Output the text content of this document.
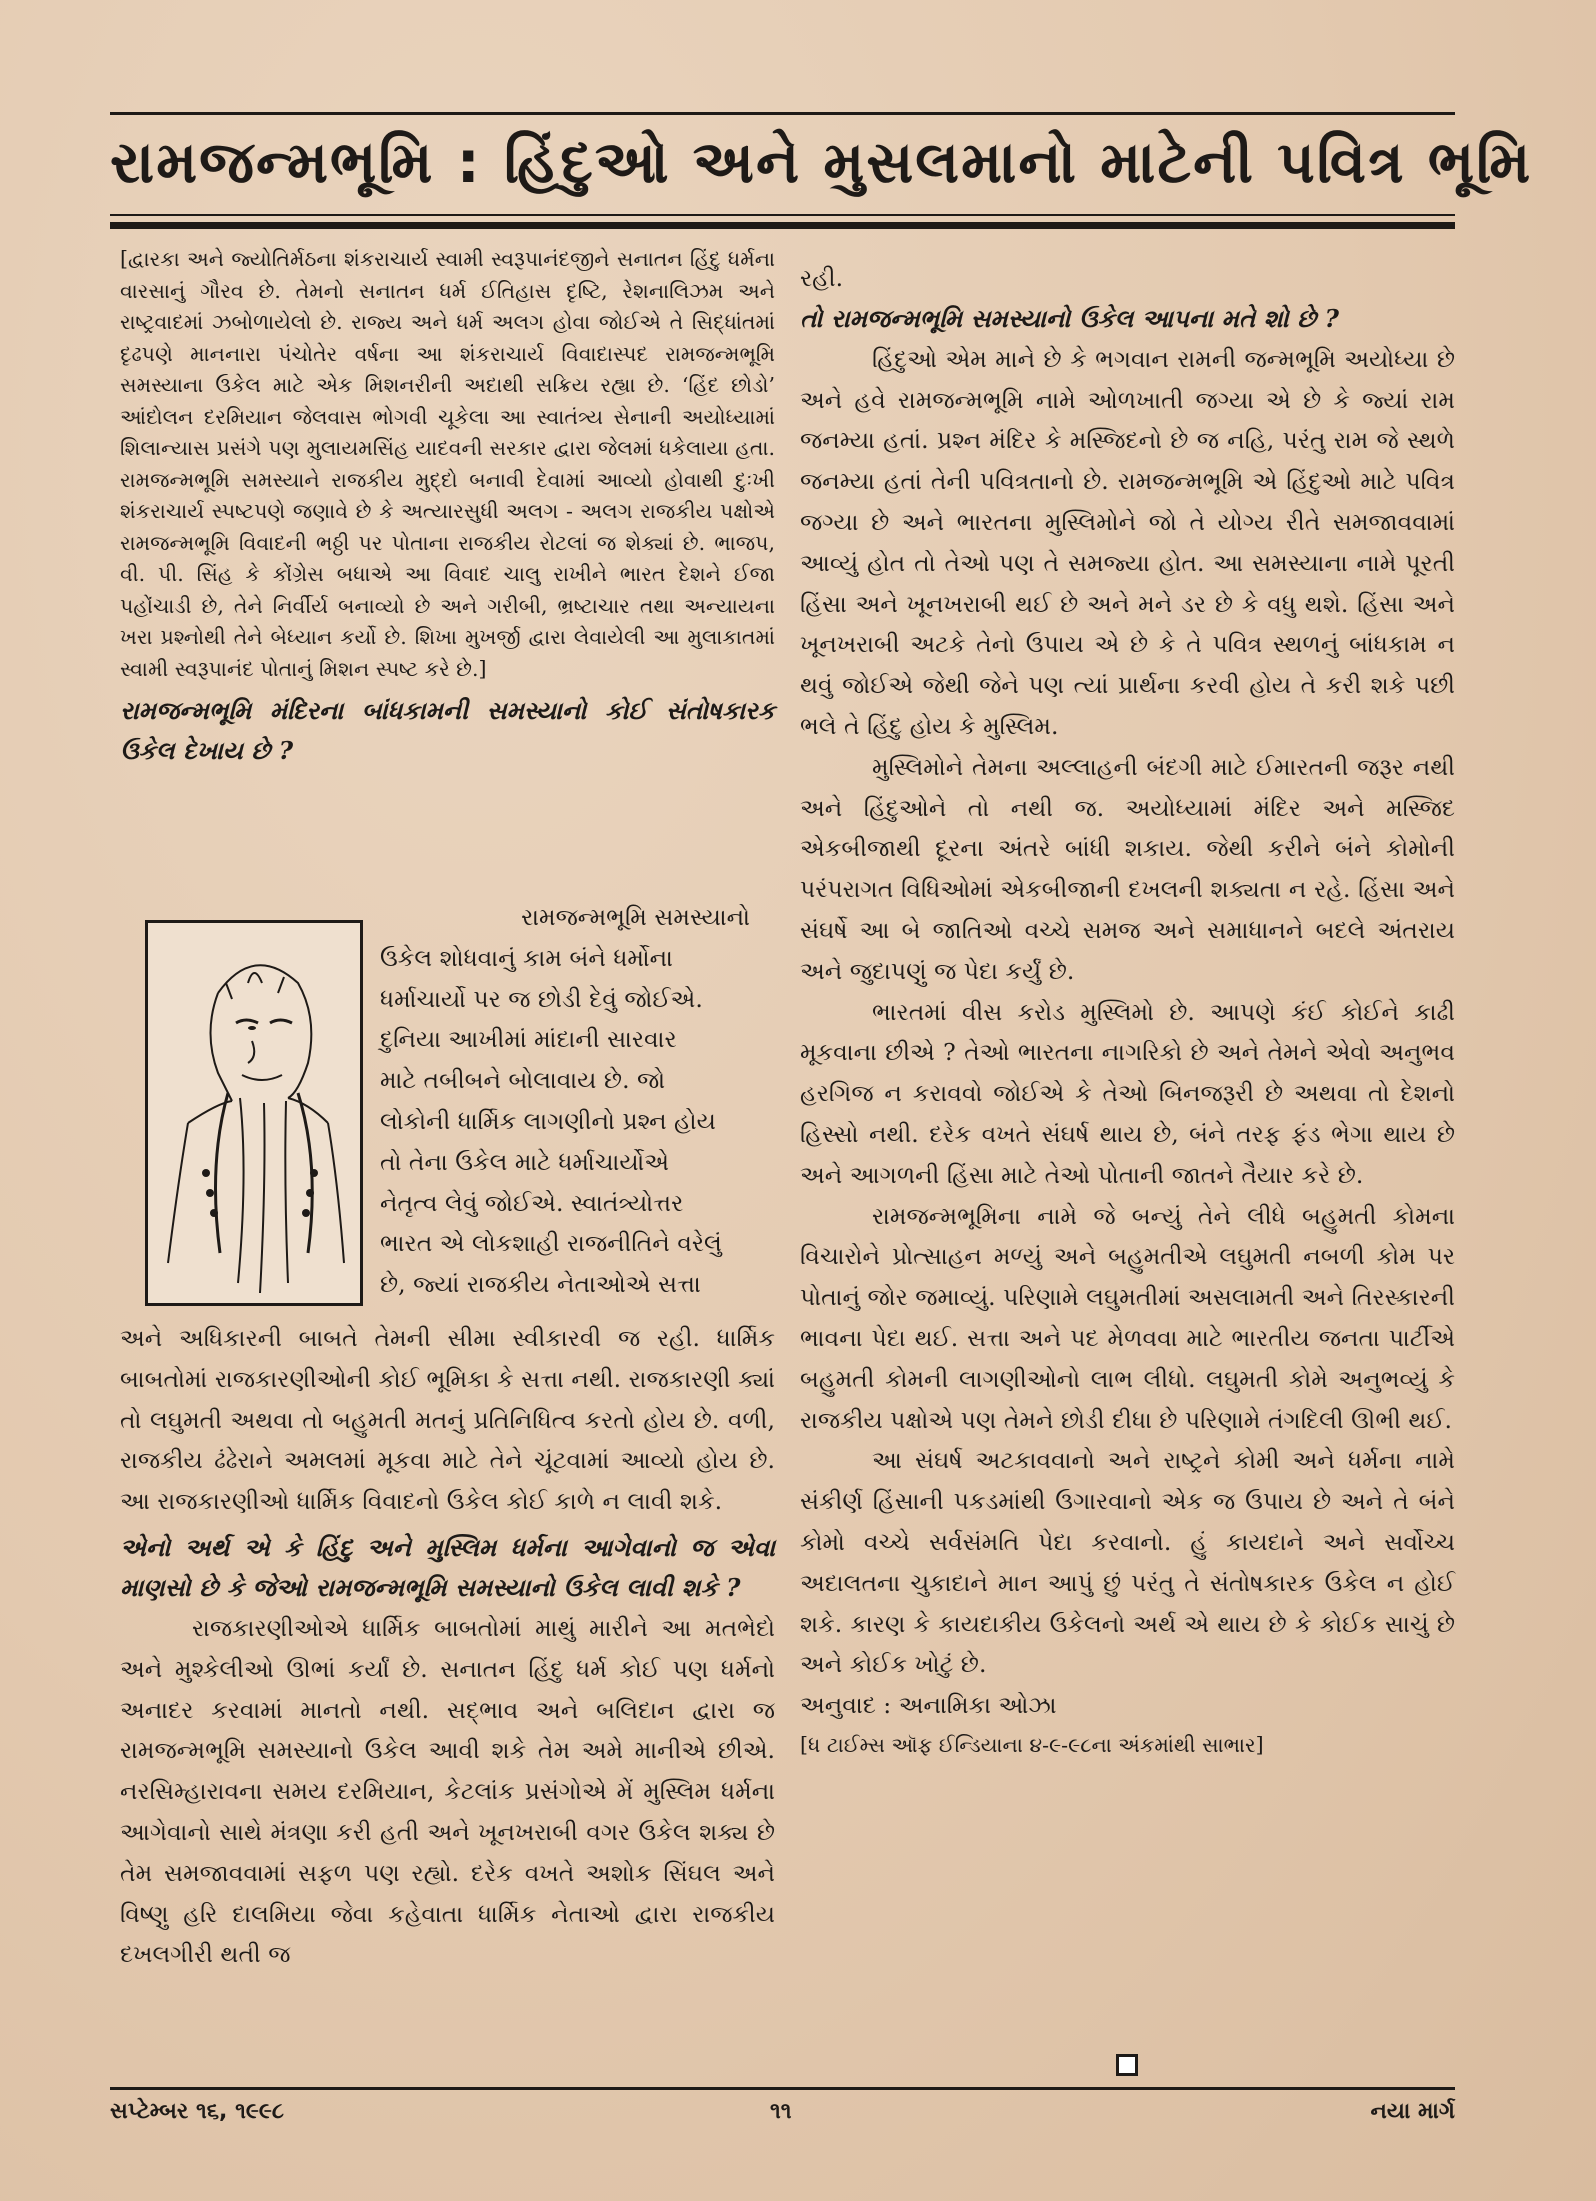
રામજન્મભૂમિ : હિંદુઓ અને મુસલમાનો માટેની પવિત્ર ભૂમિ

[દ્વારકા અને જ્યોતિર્મઠના શંકરાચાર્ય સ્વામી સ્વરૂપાનંદજીને સનાતન હિંદુ ધર્મના વારસાનું ગૌરવ છે. તેમનો સનાતન ધર્મ ઈતિહાસ દૃષ્ટિ, રેશનાલિઝમ અને રાષ્ટ્રવાદમાં ઝબોળાયેલો છે. રાજ્ય અને ધર્મ અલગ હોવા જોઈએ તે સિદ્ધાંતમાં દૃઢપણે માનનારા પંચોતેર વર્ષના આ શંકરાચાર્ય વિવાદાસ્પદ રામજન્મભૂમિ સમસ્યાના ઉકેલ માટે એક મિશનરીની અદાથી સક્રિય રહ્યા છે. ‘હિંદ છોડો’ આંદોલન દરમિયાન જેલવાસ ભોગવી ચૂકેલા આ સ્વાતંત્ર્ય સેનાની અયોધ્યામાં શિલાન્યાસ પ્રસંગે પણ મુલાયમસિંહ યાદવની સરકાર દ્વારા જેલમાં ધકેલાયા હતા. રામજન્મભૂમિ સમસ્યાને રાજકીય મુદ્દો બનાવી દેવામાં આવ્યો હોવાથી દુઃખી શંકરાચાર્ય સ્પષ્ટપણે જણાવે છે કે અત્યારસુધી અલગ - અલગ રાજકીય પક્ષોએ રામજન્મભૂમિ વિવાદની ભઠ્ઠી પર પોતાના રાજકીય રોટલાં જ શેક્યાં છે. ભાજપ, વી. પી. સિંહ કે કોંગ્રેસ બધાએ આ વિવાદ ચાલુ રાખીને ભારત દેશને ઈજા પહોંચાડી છે, તેને નિર્વીર્ય બનાવ્યો છે અને ગરીબી, ભ્રષ્ટાચાર તથા અન્યાયના ખરા પ્રશ્નોથી તેને બેધ્યાન કર્યો છે. શિખા મુખર્જી દ્વારા લેવાયેલી આ મુલાકાતમાં સ્વામી સ્વરૂપાનંદ પોતાનું મિશન સ્પષ્ટ કરે છે.]

રામજન્મભૂમિ મંદિરના બાંધકામની સમસ્યાનો કોઈ સંતોષકારક ઉકેલ દેખાય છે ?

રામજન્મભૂમિ સમસ્યાનો

ઉકેલ શોધવાનું કામ બંને ધર્મોના

ધર્માચાર્યો પર જ છોડી દેવું જોઈએ.

દુનિયા આખીમાં માંદાની સારવાર

માટે તબીબને બોલાવાય છે. જો

લોકોની ધાર્મિક લાગણીનો પ્રશ્ન હોય

તો તેના ઉકેલ માટે ધર્માચાર્યોએ

નેતૃત્વ લેવું જોઈએ. સ્વાતંત્ર્યોત્તર

ભારત એ લોકશાહી રાજનીતિને વરેલું

છે, જ્યાં રાજકીય નેતાઓએ સત્તા

અને અધિકારની બાબતે તેમની સીમા સ્વીકારવી જ રહી. ધાર્મિક બાબતોમાં રાજકારણીઓની કોઈ ભૂમિકા કે સત્તા નથી. રાજકારણી ક્યાં તો લઘુમતી અથવા તો બહુમતી મતનું પ્રતિનિધિત્વ કરતો હોય છે. વળી, રાજકીય ઢંઢેરાને અમલમાં મૂકવા માટે તેને ચૂંટવામાં આવ્યો હોય છે. આ રાજકારણીઓ ધાર્મિક વિવાદનો ઉકેલ કોઈ કાળે ન લાવી શકે.

એનો અર્થ એ કે હિંદુ અને મુસ્લિમ ધર્મના આગેવાનો જ એવા માણસો છે કે જેઓ રામજન્મભૂમિ સમસ્યાનો ઉકેલ લાવી શકે ?

રાજકારણીઓએ ધાર્મિક બાબતોમાં માથું મારીને આ મતભેદો અને મુશ્કેલીઓ ઊભાં કર્યાં છે. સનાતન હિંદુ ધર્મ કોઈ પણ ધર્મનો અનાદર કરવામાં માનતો નથી. સદ્ભાવ અને બલિદાન દ્વારા જ રામજન્મભૂમિ સમસ્યાનો ઉકેલ આવી શકે તેમ અમે માનીએ છીએ. નરસિમ્હારાવના સમય દરમિયાન, કેટલાંક પ્રસંગોએ મેં મુસ્લિમ ધર્મના આગેવાનો સાથે મંત્રણા કરી હતી અને ખૂનખરાબી વગર ઉકેલ શક્ય છે તેમ સમજાવવામાં સફળ પણ રહ્યો. દરેક વખતે અશોક સિંઘલ અને વિષ્ણુ હરિ દાલમિયા જેવા કહેવાતા ધાર્મિક નેતાઓ દ્વારા રાજકીય દખલગીરી થતી જ

રહી.

તો રામજન્મભૂમિ સમસ્યાનો ઉકેલ આપના મતે શો છે ?

હિંદુઓ એમ માને છે કે ભગવાન રામની જન્મભૂમિ અયોધ્યા છે અને હવે રામજન્મભૂમિ નામે ઓળખાતી જગ્યા એ છે કે જ્યાં રામ જનમ્યા હતાં. પ્રશ્ન મંદિર કે મસ્જિદનો છે જ નહિ, પરંતુ રામ જે સ્થળે જનમ્યા હતાં તેની પવિત્રતાનો છે. રામજન્મભૂમિ એ હિંદુઓ માટે પવિત્ર જગ્યા છે અને ભારતના મુસ્લિમોને જો તે યોગ્ય રીતે સમજાવવામાં આવ્યું હોત તો તેઓ પણ તે સમજ્યા હોત. આ સમસ્યાના નામે પૂરતી હિંસા અને ખૂનખરાબી થઈ છે અને મને ડર છે કે વધુ થશે. હિંસા અને ખૂનખરાબી અટકે તેનો ઉપાય એ છે કે તે પવિત્ર સ્થળનું બાંધકામ ન થવું જોઈએ જેથી જેને પણ ત્યાં પ્રાર્થના કરવી હોય તે કરી શકે પછી ભલે તે હિંદુ હોય કે મુસ્લિમ.

મુસ્લિમોને તેમના અલ્લાહની બંદગી માટે ઈમારતની જરૂર નથી અને હિંદુઓને તો નથી જ. અયોધ્યામાં મંદિર અને મસ્જિદ એકબીજાથી દૂરના અંતરે બાંધી શકાય. જેથી કરીને બંને કોમોની પરંપરાગત વિધિઓમાં એકબીજાની દખલની શક્યતા ન રહે. હિંસા અને સંઘર્ષે આ બે જાતિઓ વચ્ચે સમજ અને સમાધાનને બદલે અંતરાય અને જુદાપણું જ પેદા કર્યું છે.

ભારતમાં વીસ કરોડ મુસ્લિમો છે. આપણે કંઈ કોઈને કાઢી મૂકવાના છીએ ? તેઓ ભારતના નાગરિકો છે અને તેમને એવો અનુભવ હરગિજ ન કરાવવો જોઈએ કે તેઓ બિનજરૂરી છે અથવા તો દેશનો હિસ્સો નથી. દરેક વખતે સંઘર્ષ થાય છે, બંને તરફ ફંડ ભેગા થાય છે અને આગળની હિંસા માટે તેઓ પોતાની જાતને તૈયાર કરે છે.

રામજન્મભૂમિના નામે જે બન્યું તેને લીધે બહુમતી કોમના વિચારોને પ્રોત્સાહન મળ્યું અને બહુમતીએ લઘુમતી નબળી કોમ પર પોતાનું જોર જમાવ્યું. પરિણામે લઘુમતીમાં અસલામતી અને તિરસ્કારની ભાવના પેદા થઈ. સત્તા અને પદ મેળવવા માટે ભારતીય જનતા પાર્ટીએ બહુમતી કોમની લાગણીઓનો લાભ લીધો. લઘુમતી કોમે અનુભવ્યું કે રાજકીય પક્ષોએ પણ તેમને છોડી દીધા છે પરિણામે તંગદિલી ઊભી થઈ.

આ સંઘર્ષ અટકાવવાનો અને રાષ્ટ્રને કોમી અને ધર્મના નામે સંકીર્ણ હિંસાની પકડમાંથી ઉગારવાનો એક જ ઉપાય છે અને તે બંને કોમો વચ્ચે સર્વસંમતિ પેદા કરવાનો. હું કાયદાને અને સર્વોચ્ચ અદાલતના ચુકાદાને માન આપું છું પરંતુ તે સંતોષકારક ઉકેલ ન હોઈ શકે. કારણ કે કાયદાકીય ઉકેલનો અર્થ એ થાય છે કે કોઈક સાચું છે અને કોઈક ખોટું છે.

અનુવાદ : અનામિકા ઓઝા

[ધ ટાઈમ્સ ઑફ ઈન્ડિયાના ૪-૯-૯૮ના અંકમાંથી સાભાર]

સપ્ટેમ્બર ૧૬, ૧૯૯૮	૧૧	નયા માર્ગ
